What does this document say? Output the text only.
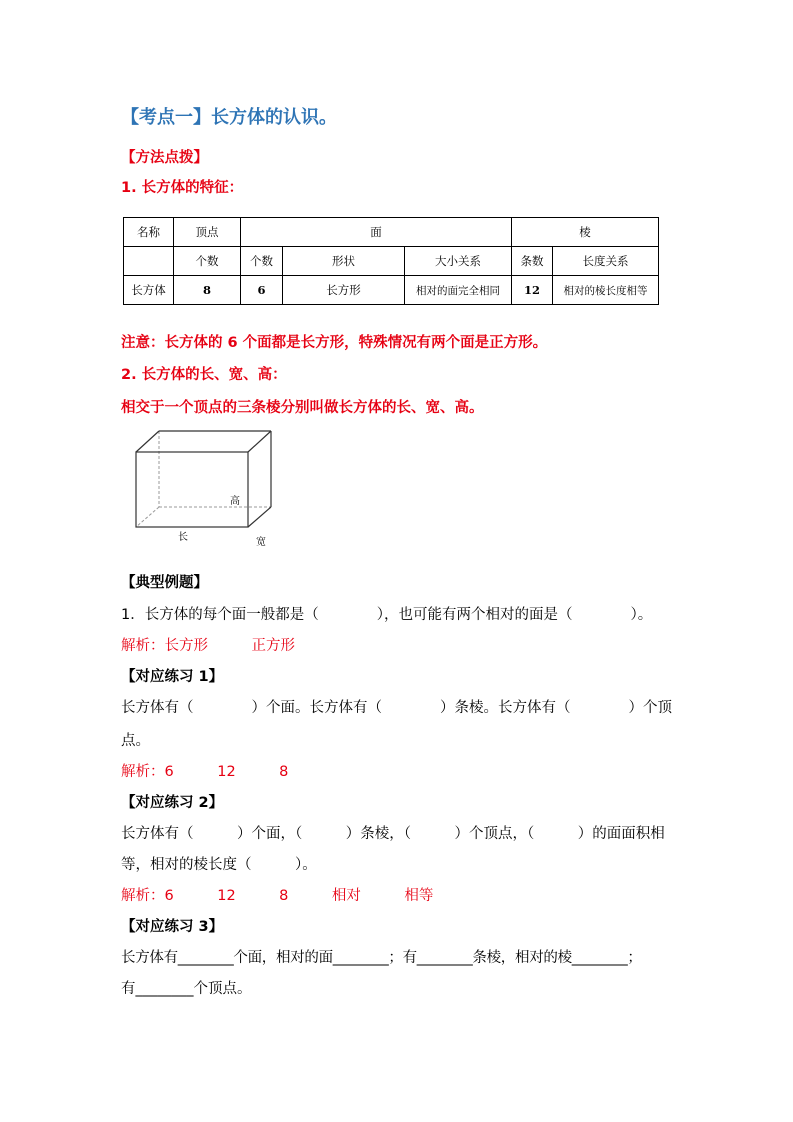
【考点一】长方体的认识。
【方法点拨】
1. 长方体的特征：
名称	顶点	面			棱	
	个数	个数	形状	大小关系	条数	长度关系
长方体	8	6	长方形	相对的面完全相同	12	相对的棱长度相等
注意：长方体的 6 个面都是长方形，特殊情况有两个面是正方形。
2. 长方体的长、宽、高：
相交于一个顶点的三条棱分别叫做长方体的长、宽、高。
高
长	宽
【典型例题】
1．长方体的每个面一般都是（　　　　），也可能有两个相对的面是（　　　　）。
解析：长方形　　　正方形
【对应练习 1】
长方体有（　　　　）个面。长方体有（　　　　）条棱。长方体有（　　　　）个顶
点。
解析：6　　　12　　　8
【对应练习 2】
长方体有（　　　）个面，（　　　）条棱，（　　　）个顶点，（　　　）的面面积相
等，相对的棱长度（　　　）。
解析：6　　　12　　　8　　　相对　　　相等
【对应练习 3】
长方体有________个面，相对的面________；有________条棱，相对的棱________；
有________个顶点。
